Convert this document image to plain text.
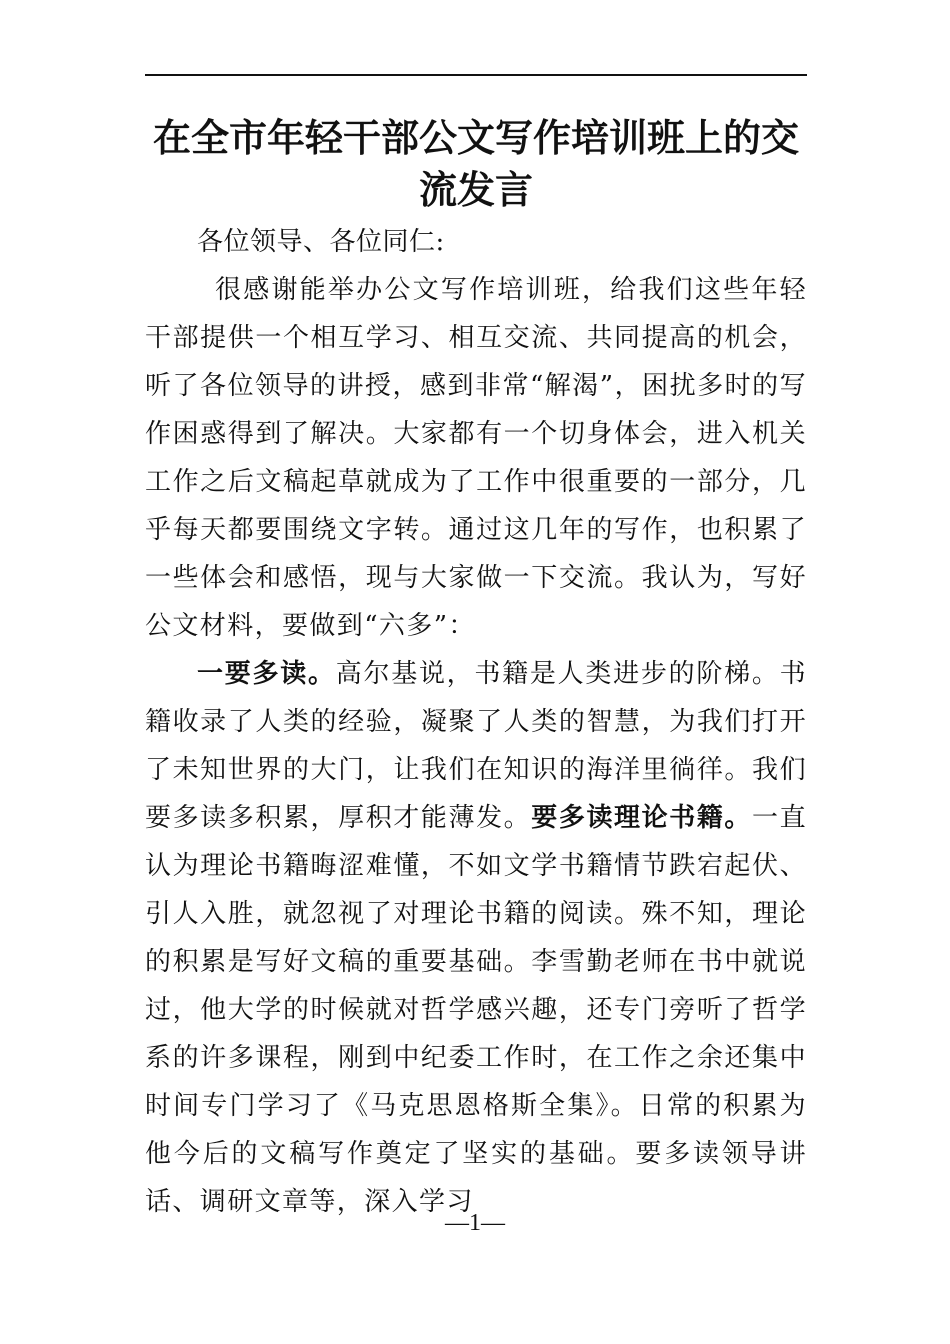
在全市年轻干部公文写作培训班上的交流发言

各位领导、各位同仁:

很感谢能举办公文写作培训班，给我们这些年轻干部提供一个相互学习、相互交流、共同提高的机会，听了各位领导的讲授，感到非常“解渴”，困扰多时的写作困惑得到了解决。大家都有一个切身体会，进入机关工作之后文稿起草就成为了工作中很重要的一部分，几乎每天都要围绕文字转。通过这几年的写作，也积累了一些体会和感悟，现与大家做一下交流。我认为，写好公文材料，要做到“六多”：

一要多读。高尔基说，书籍是人类进步的阶梯。书籍收录了人类的经验，凝聚了人类的智慧，为我们打开了未知世界的大门，让我们在知识的海洋里徜徉。我们要多读多积累，厚积才能薄发。要多读理论书籍。一直认为理论书籍晦涩难懂，不如文学书籍情节跌宕起伏、引人入胜，就忽视了对理论书籍的阅读。殊不知，理论的积累是写好文稿的重要基础。李雪勤老师在书中就说过，他大学的时候就对哲学感兴趣，还专门旁听了哲学系的许多课程，刚到中纪委工作时，在工作之余还集中时间专门学习了《马克思恩格斯全集》。日常的积累为他今后的文稿写作奠定了坚实的基础。要多读领导讲话、调研文章等，深入学习

—1—
